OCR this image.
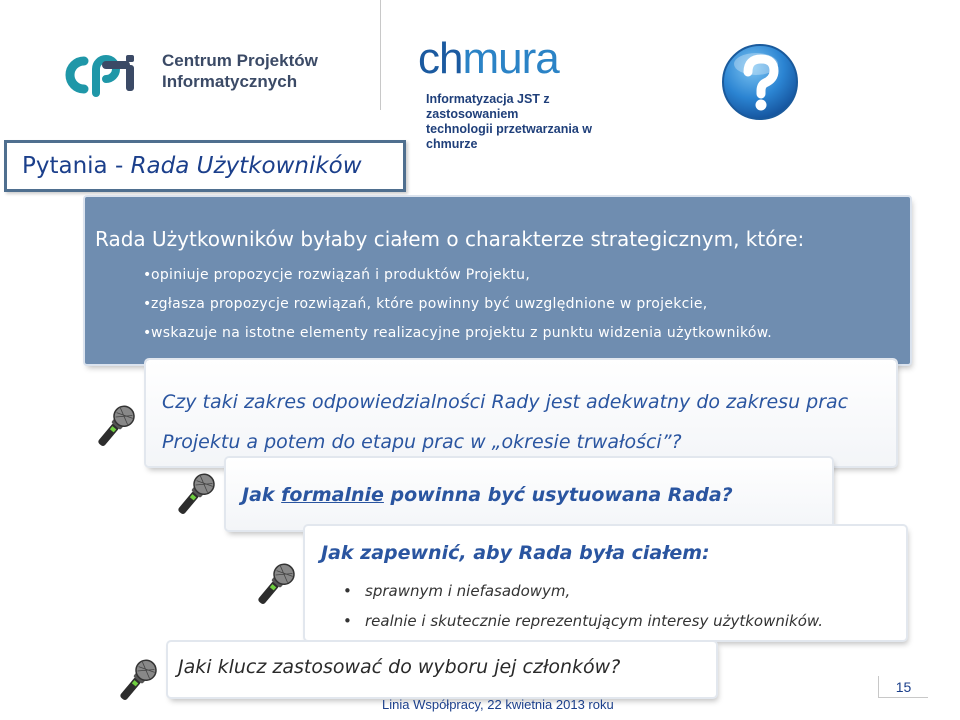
Centrum Projektów
Informatycznych	chmura
Informatyzacja JST z zastosowaniem
technologii przetwarzania w chmurze
Pytania - Rada Użytkowników
Rada Użytkowników byłaby ciałem o charakterze strategicznym, które:
• opiniuje propozycje rozwiązań i produktów Projektu,
• zgłasza propozycje rozwiązań, które powinny być uwzględnione w projekcie,
• wskazuje na istotne elementy realizacyjne projektu z punktu widzenia użytkowników.
Czy taki zakres odpowiedzialności Rady jest adekwatny do zakresu prac Projektu a potem do etapu prac w „okresie trwałości”?
Jak formalnie powinna być usytuowana Rada?
Jak zapewnić, aby Rada była ciałem:
• sprawnym i niefasadowym,
• realnie i skutecznie reprezentującym interesy użytkowników.
Jaki klucz zastosować do wyboru jej członków?
Linia Współpracy, 22 kwietnia 2013 roku
15
